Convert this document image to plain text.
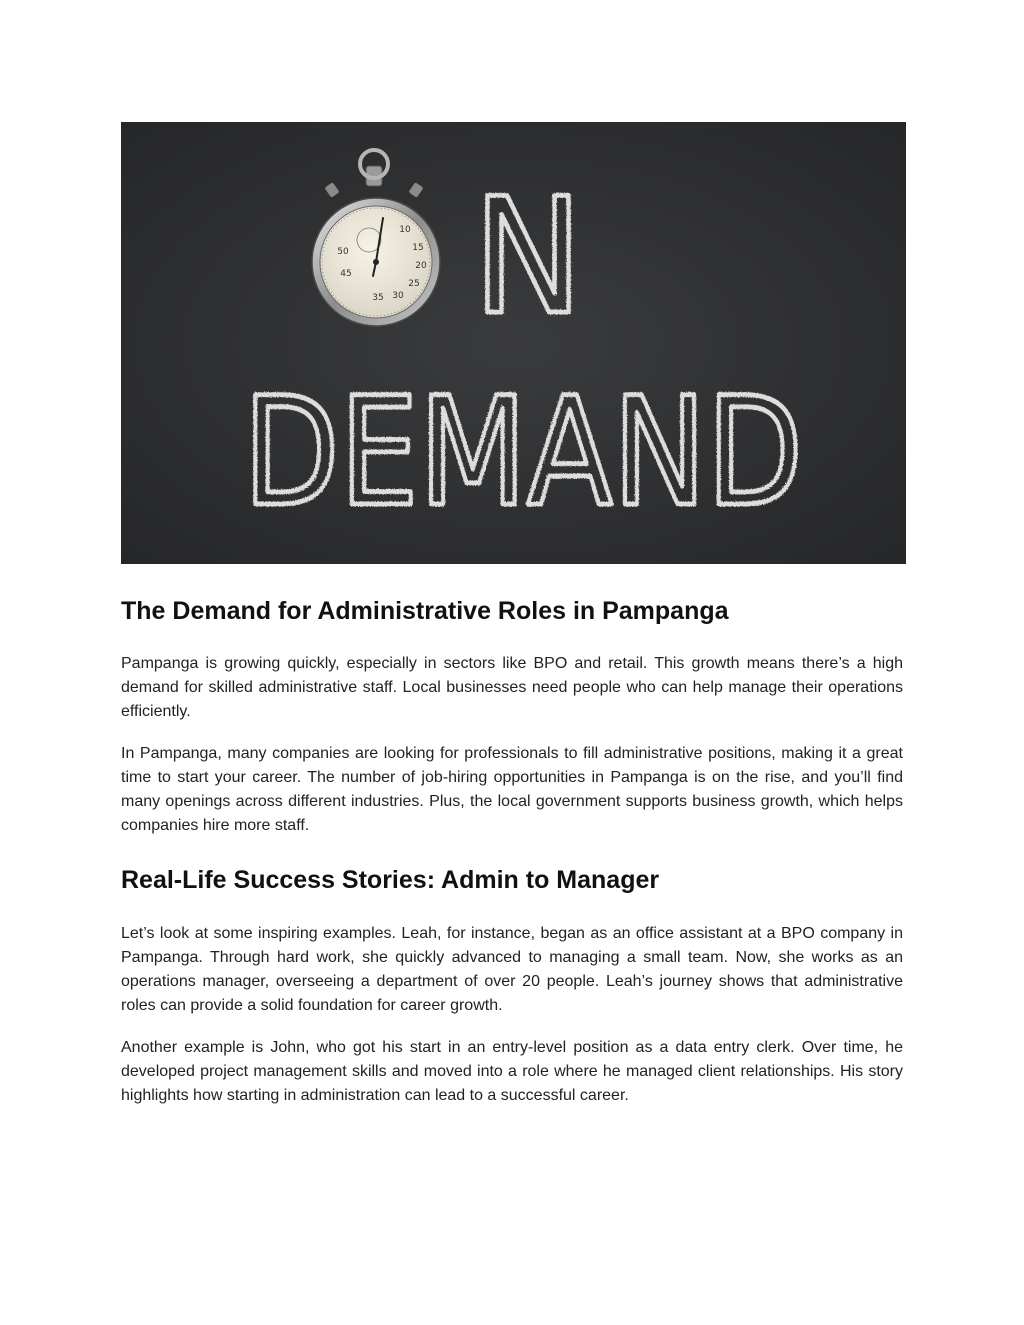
10
15
20
25
30
35
45
50 N
DEMAND
The Demand for Administrative Roles in Pampanga

Pampanga is growing quickly, especially in sectors like BPO and retail. This growth means there’s a high demand for skilled administrative staff. Local businesses need people who can help manage their operations efficiently.

In Pampanga, many companies are looking for professionals to fill administrative positions, making it a great time to start your career. The number of job-hiring opportunities in Pampanga is on the rise, and you’ll find many openings across different industries. Plus, the local government supports business growth, which helps companies hire more staff.

Real-Life Success Stories: Admin to Manager

Let’s look at some inspiring examples. Leah, for instance, began as an office assistant at a BPO company in Pampanga. Through hard work, she quickly advanced to managing a small team. Now, she works as an operations manager, overseeing a department of over 20 people. Leah’s journey shows that administrative roles can provide a solid foundation for career growth.

Another example is John, who got his start in an entry-level position as a data entry clerk. Over time, he developed project management skills and moved into a role where he managed client relationships. His story highlights how starting in administration can lead to a successful career.
